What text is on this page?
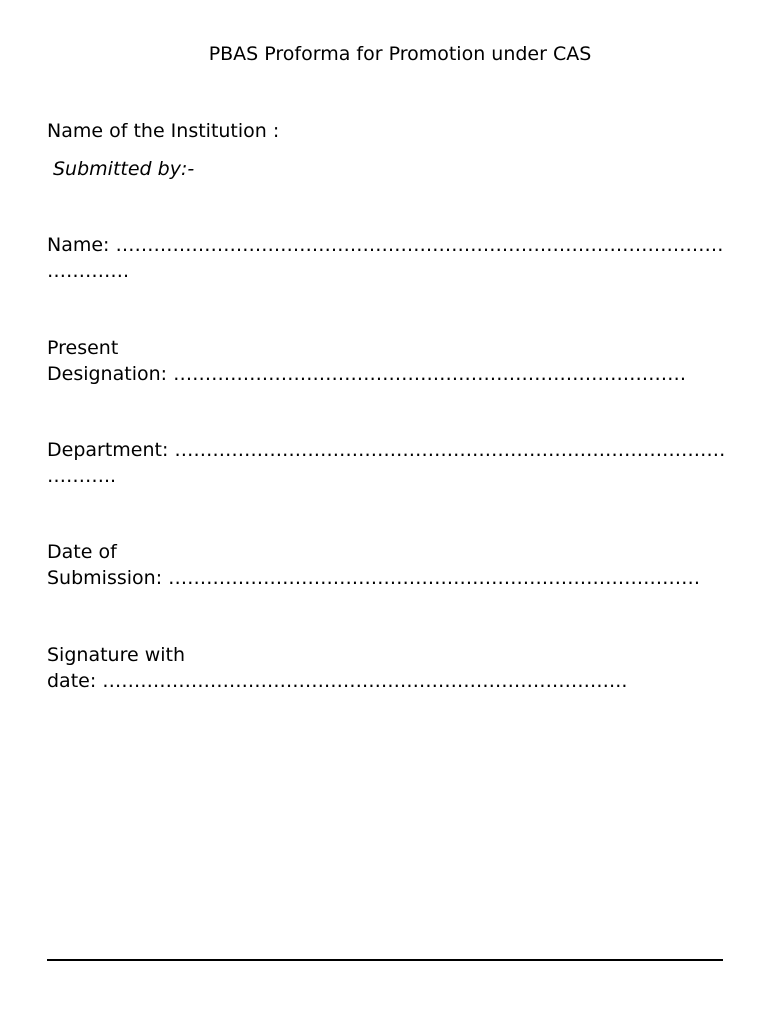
PBAS Proforma for Promotion under CAS
Name of the Institution :
Submitted by:-
Name: ……………………………………………………………………………………
………….
Present
Designation: ………………………………………………………………………
Department: ……………………………………………………………………………
………..
Date of
Submission: …………………………………………………………………………
Signature with
date: ………………………………………………………………………..
